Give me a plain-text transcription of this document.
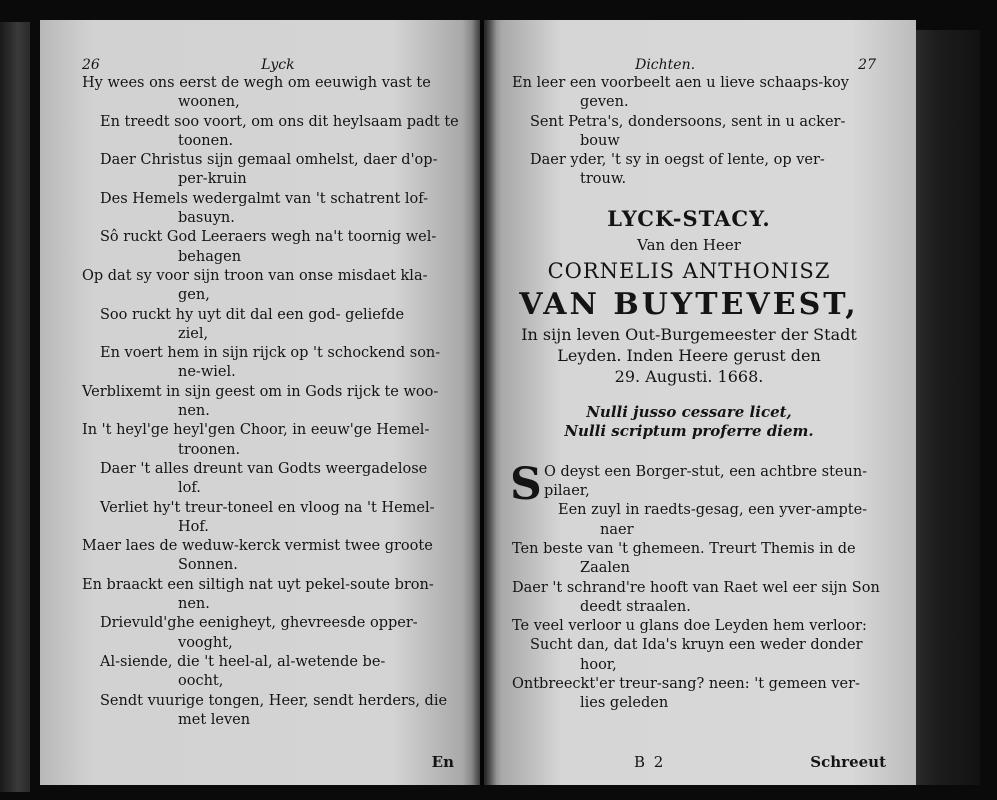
26	Lyck
Hy wees ons eerst de wegh om eeuwigh vast te
woonen,
En treedt soo voort, om ons dit heylsaam padt te
toonen.
Daer Christus sijn gemaal omhelst, daer d'op-
per-kruin
Des Hemels wedergalmt van 't schatrent lof-
basuyn.
Sô ruckt God Leeraers wegh na't toornig wel-
behagen
Op dat sy voor sijn troon van onse misdaet kla-
gen,
Soo ruckt hy uyt dit dal een god- geliefde
ziel,
En voert hem in sijn rijck op 't schockend son-
ne-wiel.
Verblixemt in sijn geest om in Gods rijck te woo-
nen.
In 't heyl'ge heyl'gen Choor, in eeuw'ge Hemel-
troonen.
Daer 't alles dreunt van Godts weergadelose
lof.
Verliet hy't treur-toneel en vloog na 't Hemel-
Hof.
Maer laes de weduw-kerck vermist twee groote
Sonnen.
En braackt een siltigh nat uyt pekel-soute bron-
nen.
Drievuld'ghe eenigheyt, ghevreesde opper-
vooght,
Al-siende, die 't heel-al, al-wetende be-
oocht,
Sendt vuurige tongen, Heer, sendt herders, die
met leven
En
Dichten.	27
En leer een voorbeelt aen u lieve schaaps-koy
geven.
Sent Petra's, dondersoons, sent in u acker-
bouw
Daer yder, 't sy in oegst of lente, op ver-
trouw.
LYCK-STACY.
Van den Heer
CORNELIS ANTHONISZ
VAN BUYTEVEST,
In sijn leven Out-Burgemeester der Stadt
Leyden. Inden Heere gerust den
29. Augusti. 1668.
Nulli jusso cessare licet,
Nulli scriptum proferre diem.
S O deyst een Borger-stut, een achtbre steun-
pilaer,
Een zuyl in raedts-gesag, een yver-ampte-
naer
Ten beste van 't ghemeen. Treurt Themis in de
Zaalen
Daer 't schrand're hooft van Raet wel eer sijn Son
deedt straalen.
Te veel verloor u glans doe Leyden hem verloor:
Sucht dan, dat Ida's kruyn een weder donder
hoor,
Ontbreeckt'er treur-sang? neen: 't gemeen ver-
lies geleden
B 2	Schreeut
